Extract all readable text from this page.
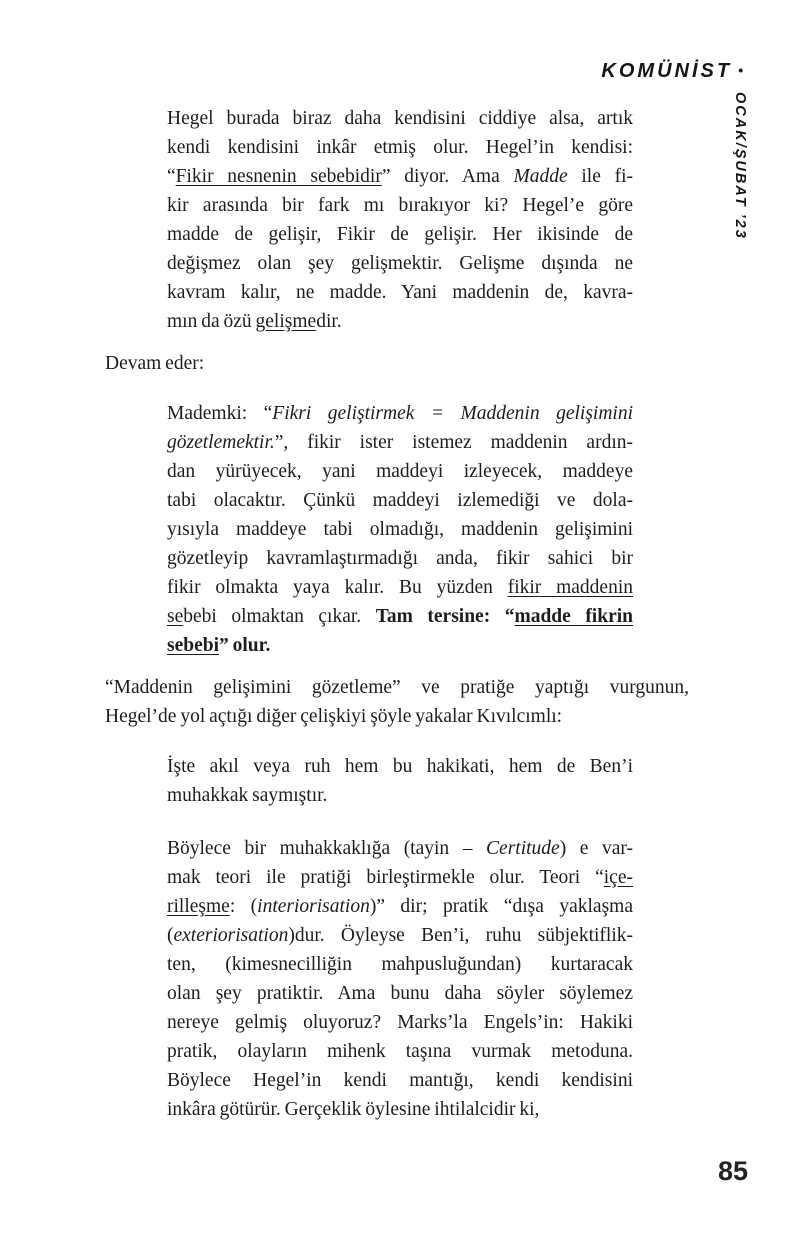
KOMÜNİST •
OCAK/ŞUBAT ’23
Hegel burada biraz daha kendisini ciddiye alsa, artık
kendi kendisini inkâr etmiş olur. Hegel’in kendisi:
“Fikir nesnenin sebebidir” diyor. Ama Madde ile fi-
kir arasında bir fark mı bırakıyor ki? Hegel’e göre
madde de gelişir, Fikir de gelişir. Her ikisinde de
değişmez olan şey gelişmektir. Gelişme dışında ne
kavram kalır, ne madde. Yani maddenin de, kavra-
mın da özü gelişmedir.
Devam eder:
Mademki: “Fikri geliştirmek = Maddenin gelişimini
gözetlemektir.”, fikir ister istemez maddenin ardın-
dan yürüyecek, yani maddeyi izleyecek, maddeye
tabi olacaktır. Çünkü maddeyi izlemediği ve dola-
yısıyla maddeye tabi olmadığı, maddenin gelişimini
gözetleyip kavramlaştırmadığı anda, fikir sahici bir
fikir olmakta yaya kalır. Bu yüzden fikir maddenin
sebebi olmaktan çıkar. Tam tersine: “madde fikrin
sebebi” olur.
“Maddenin gelişimini gözetleme” ve pratiğe yaptığı vurgunun,
Hegel’de yol açtığı diğer çelişkiyi şöyle yakalar Kıvılcımlı:
İşte akıl veya ruh hem bu hakikati, hem de Ben’i
muhakkak saymıştır.
Böylece bir muhakkaklığa (tayin – Certitude) e var-
mak teori ile pratiği birleştirmekle olur. Teori “içe-
rilleşme: (interiorisation)” dir; pratik “dışa yaklaşma
(exteriorisation)dur. Öyleyse Ben’i, ruhu sübjektiflik-
ten, (kimesnecilliğin mahpusluğundan) kurtaracak
olan şey pratiktir. Ama bunu daha söyler söylemez
nereye gelmiş oluyoruz? Marks’la Engels’in: Hakiki
pratik, olayların mihenk taşına vurmak metoduna.
Böylece Hegel’in kendi mantığı, kendi kendisini
inkâra götürür. Gerçeklik öylesine ihtilalcidir ki,
85
